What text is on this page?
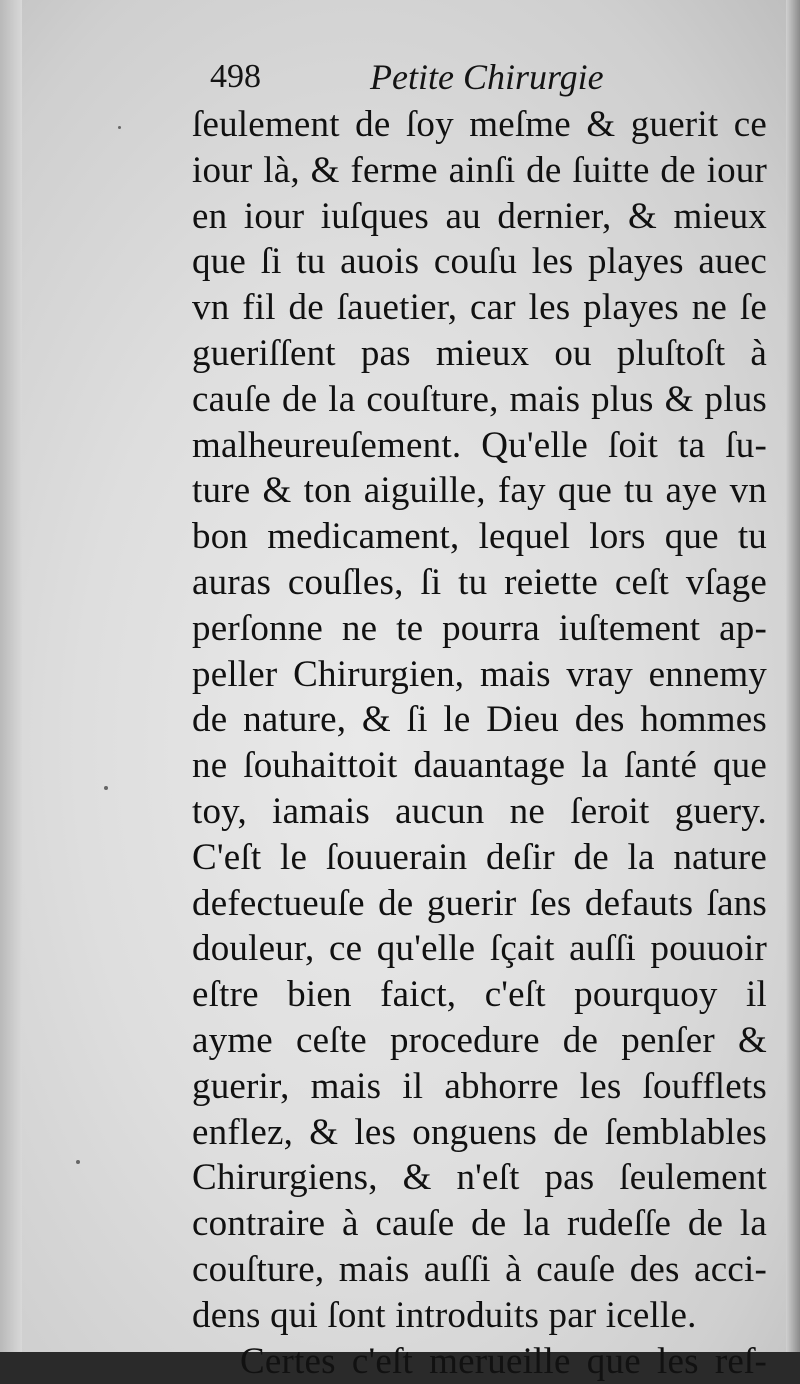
498	Petite Chirurgie
ſeulement de ſoy meſme & guerit ce
iour là, & ferme ainſi de ſuitte de iour
en iour iuſques au dernier, & mieux
que ſi tu auois couſu les playes auec
vn fil de ſauetier, car les playes ne ſe
gueriſſent pas mieux ou pluſtoſt à
cauſe de la couſture, mais plus & plus
malheureuſement. Qu'elle ſoit ta ſu-
ture & ton aiguille, fay que tu aye vn
bon medicament, lequel lors que tu
auras couſles, ſi tu reiette ceſt vſage
perſonne ne te pourra iuſtement ap-
peller Chirurgien, mais vray ennemy
de nature, & ſi le Dieu des hommes
ne ſouhaittoit dauantage la ſanté que
toy, iamais aucun ne ſeroit guery.
C'eſt le ſouuerain deſir de la nature
defectueuſe de guerir ſes defauts ſans
douleur, ce qu'elle ſçait auſſi pouuoir
eſtre bien faict, c'eſt pourquoy il
ayme ceſte procedure de penſer &
guerir, mais il abhorre les ſoufflets
enflez, & les onguens de ſemblables
Chirurgiens, & n'eſt pas ſeulement
contraire à cauſe de la rudeſſe de la
couſture, mais auſſi à cauſe des acci-
dens qui ſont introduits par icelle.
Certes c'eſt merueille que les reſ-
